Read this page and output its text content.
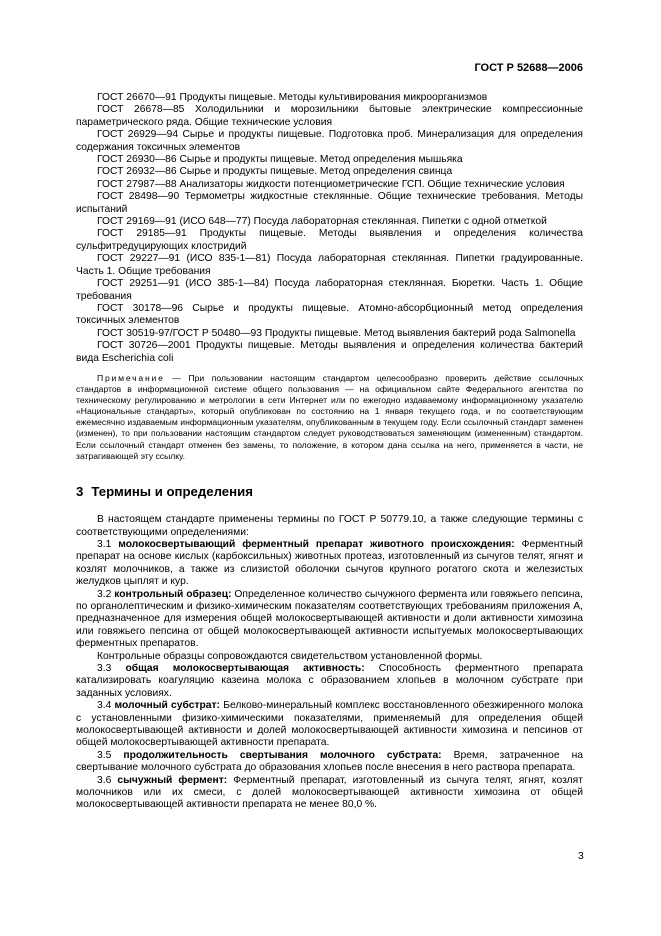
ГОСТ Р 52688—2006

ГОСТ 26670—91 Продукты пищевые. Методы культивирования микроорганизмов

ГОСТ 26678—85 Холодильники и морозильники бытовые электрические компрессионные параметрического ряда. Общие технические условия

ГОСТ 26929—94 Сырье и продукты пищевые. Подготовка проб. Минерализация для определения содержания токсичных элементов

ГОСТ 26930—86 Сырье и продукты пищевые. Метод определения мышьяка

ГОСТ 26932—86 Сырье и продукты пищевые. Метод определения свинца

ГОСТ 27987—88 Анализаторы жидкости потенциометрические ГСП. Общие технические условия

ГОСТ 28498—90 Термометры жидкостные стеклянные. Общие технические требования. Методы испытаний

ГОСТ 29169—91 (ИСО 648—77) Посуда лабораторная стеклянная. Пипетки с одной отметкой

ГОСТ 29185—91 Продукты пищевые. Методы выявления и определения количества сульфитредуцирующих клостридий

ГОСТ 29227—91 (ИСО 835-1—81) Посуда лабораторная стеклянная. Пипетки градуированные. Часть 1. Общие требования

ГОСТ 29251—91 (ИСО 385-1—84) Посуда лабораторная стеклянная. Бюретки. Часть 1. Общие требования

ГОСТ 30178—96 Сырье и продукты пищевые. Атомно-абсорбционный метод определения токсичных элементов

ГОСТ 30519-97/ГОСТ Р 50480—93 Продукты пищевые. Метод выявления бактерий рода Salmonella

ГОСТ 30726—2001 Продукты пищевые. Методы выявления и определения количества бактерий вида Escherichia coli

Примечание — При пользовании настоящим стандартом целесообразно проверить действие ссылочных стандартов в информационной системе общего пользования — на официальном сайте Федерального агентства по техническому регулированию и метрологии в сети Интернет или по ежегодно издаваемому информационному указателю «Национальные стандарты», который опубликован по состоянию на 1 января текущего года, и по соответствующим ежемесячно издаваемым информационным указателям, опубликованным в текущем году. Если ссылочный стандарт заменен (изменен), то при пользовании настоящим стандартом следует руководствоваться заменяющим (измененным) стандартом. Если ссылочный стандарт отменен без замены, то положение, в котором дана ссылка на него, применяется в части, не затрагивающей эту ссылку.

3 Термины и определения

В настоящем стандарте применены термины по ГОСТ Р 50779.10, а также следующие термины с соответствующими определениями:

3.1 молокосвертывающий ферментный препарат животного происхождения: Ферментный препарат на основе кислых (карбоксильных) животных протеаз, изготовленный из сычугов телят, ягнят и козлят молочников, а также из слизистой оболочки сычугов крупного рогатого скота и железистых желудков цыплят и кур.

3.2 контрольный образец: Определенное количество сычужного фермента или говяжьего пепсина, по органолептическим и физико-химическим показателям соответствующих требованиям приложения А, предназначенное для измерения общей молокосвертывающей активности и доли активности химозина или говяжьего пепсина от общей молокосвертывающей активности испытуемых молокосвертывающих ферментных препаратов.

Контрольные образцы сопровождаются свидетельством установленной формы.

3.3 общая молокосвертывающая активность: Способность ферментного препарата катализировать коагуляцию казеина молока с образованием хлопьев в молочном субстрате при заданных условиях.

3.4 молочный субстрат: Белково-минеральный комплекс восстановленного обезжиренного молока с установленными физико-химическими показателями, применяемый для определения общей молокосвертывающей активности и долей молокосвертывающей активности химозина и пепсинов от общей молокосвертывающей активности препарата.

3.5 продолжительность свертывания молочного субстрата: Время, затраченное на свертывание молочного субстрата до образования хлопьев после внесения в него раствора препарата.

3.6 сычужный фермент: Ферментный препарат, изготовленный из сычуга телят, ягнят, козлят молочников или их смеси, с долей молокосвертывающей активности химозина от общей молокосвертывающей активности препарата не менее 80,0 %.

3
